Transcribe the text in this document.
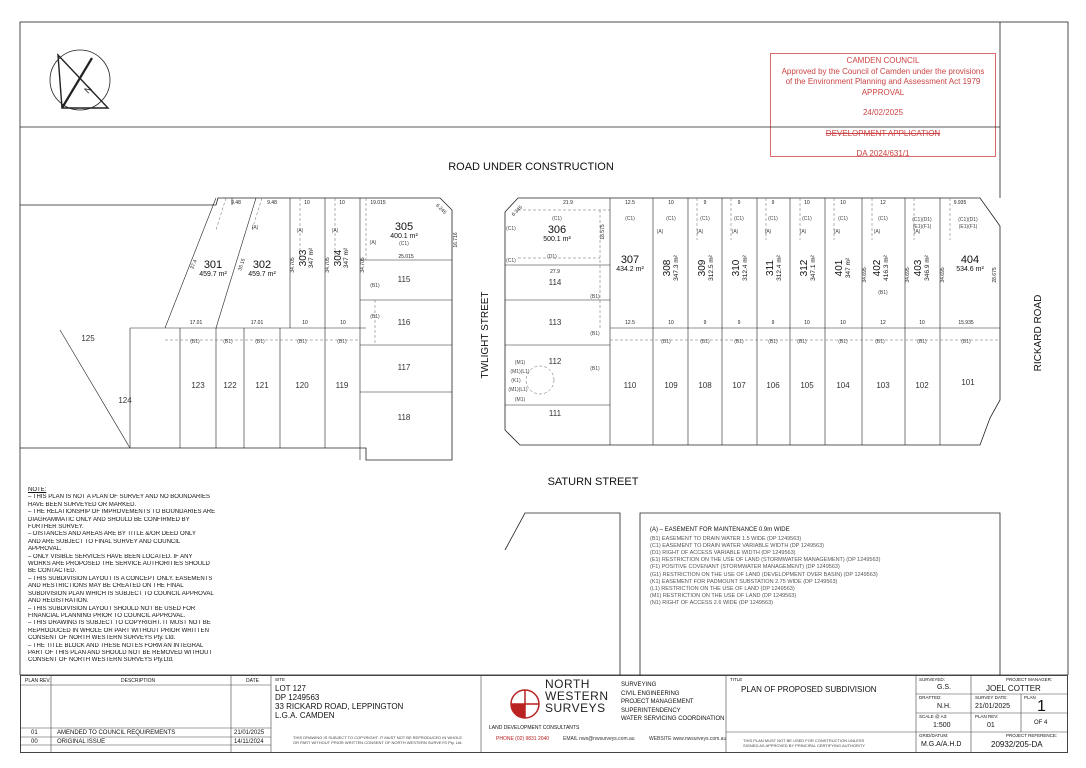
CAMDEN COUNCIL
Approved by the Council of Camden under the provisions
of the Environment Planning and Assessment Act 1979
APPROVAL
24/02/2025
DEVELOPMENT APPLICATION
DA 2024/631/1
N
ROAD UNDER CONSTRUCTION
TWLIGHT STREET	RICKARD ROAD
SATURN STREET
301
459.7 m²
302
459.7 m²
303 347 m² 304 347 m²
305
400.1 m²
306
500.1 m²
307
434.2 m² 308 347.3 m² 309 312.5 m² 310 312.4 m² 311 312.4 m² 312 347.1 m² 401 347 m² 402 416.3 m² 403 346.9 m²	404
534.6 m²
125
124
123 122 121	120	119
118
117
116
115	114
113
112
111
110	109	108	107	106	105	104	103	102	101
9.48	9.48	10	10	19.015	6.245
17.01	17.01	10	10
25.015
21.9	12.5	10	9	9	9	10	10	12	9.935
6.345
27.9
12.5	10	9	9	9	10	10	12	10	15.935
37.4	35.15	34.705	34.705	34.705
18.575
28.675
34.695	34.695	34.695
16.716
(A)	(A)	(A)
(A)	(C1)
(C1)	(C1)	(C1)	(C1)	(C1)	(C1)	(C1)	(C1)	(C1)	(C1)(D1)
(E1)(F1)
(C1)(D1)
(E1)(F1)
(A)	(A)	(A)	(A)	(A)	(A)	(A)	(A)
(D1)
(C1)
(C1)
(B1)
(B1)
(B1)
(B1)
(B1)
(B1)
(B1)	(B1)	(B1)	(B1)	(B1)	(B1)	(B1)	(B1)	(B1)	(B1)	(B1)	(B1)	(B1)	(B1)
(M1)
(M1)(L1)
(K1)
(M1)(L1)
(M1)
NOTE:
– THIS PLAN IS NOT A PLAN OF SURVEY AND NO BOUNDARIES
HAVE BEEN SURVEYED OR MARKED.
– THE RELATIONSHIP OF IMPROVEMENTS TO BOUNDARIES ARE
DIAGRAMMATIC ONLY AND SHOULD BE CONFIRMED BY
FURTHER SURVEY.
– DISTANCES AND AREAS ARE BY TITLE &/OR DEED ONLY
AND ARE SUBJECT TO FINAL SURVEY AND COUNCIL
APPROVAL.
– ONLY VISIBLE SERVICES HAVE BEEN LOCATED. IF ANY
WORKS ARE PROPOSED THE SERVICE AUTHORITIES SHOULD
BE CONTACTED.
– THIS SUBDIVISION LAYOUT IS A CONCEPT ONLY. EASEMENTS
AND RESTRICTIONS MAY BE CREATED ON THE FINAL
SUBDIVISION PLAN WHICH IS SUBJECT TO COUNCIL APPROVAL
AND REGISTRATION.
– THIS SUBDIVISION LAYOUT SHOULD NOT BE USED FOR
FINANCIAL PLANNING PRIOR TO COUNCIL APPROVAL.
– THIS DRAWING IS SUBJECT TO COPYRIGHT. IT MUST NOT BE
REPRODUCED IN WHOLE OR PART WITHOUT PRIOR WRITTEN
CONSENT OF NORTH WESTERN SURVEYS Pty. Ltd.
– THE TITLE BLOCK AND THESE NOTES FORM AN INTEGRAL
PART OF THIS PLAN AND SHOULD NOT BE REMOVED WITHOUT
CONSENT OF NORTH WESTERN SURVEYS Pty.Ltd.
(A) – EASEMENT FOR MAINTENANCE 0.9m WIDE
(B1) EASEMENT TO DRAIN WATER 1.5 WIDE (DP 1249563)
(C1) EASEMENT TO DRAIN WATER VARIABLE WIDTH (DP 1249563)
(D1) RIGHT OF ACCESS VARIABLE WIDTH (DP 1249563)
(E1) RESTRICTION ON THE USE OF LAND (STORMWATER MANAGEMENT) (DP 1249563)
(F1) POSITIVE COVENANT (STORMWATER MANAGEMENT) (DP 1249563)
(G1) RESTRICTION ON THE USE OF LAND (DEVELOPMENT OVER BASIN) (DP 1249563)
(K1) EASEMENT FOR PADMOUNT SUBSTATION 2.75 WIDE (DP 1249563)
(L1) RESTRICTION ON THE USE OF LAND (DP 1249563)
(M1) RESTRICTION ON THE USE OF LAND (DP 1249563)
(N1) RIGHT OF ACCESS 2.6 WIDE (DP 1249563)
PLAN REV.	DESCRIPTION	DATE
01	AMENDED TO COUNCIL REQUIREMENTS	21/01/2025
00	ORIGINAL ISSUE	14/11/2024
SITE
LOT 127
DP 1249563
33 RICKARD ROAD, LEPPINGTON
L.G.A. CAMDEN
THIS DRAWING IS SUBJECT TO COPYRIGHT. IT MUST NOT BE REPRODUCED IN WHOLE
OR PART WITHOUT PRIOR WRITTEN CONSENT OF NORTH WESTERN SURVEYS Pty. Ltd.
NORTH
WESTERN
SURVEYS
LAND DEVELOPMENT CONSULTANTS
SURVEYING
CIVIL ENGINEERING
PROJECT MANAGEMENT
SUPERINTENDENCY
WATER SERVICING COORDINATION
PHONE (02) 9831 2040	EMAIL nws@nwsurveys.com.au	WEBSITE www.nwsurveys.com.au
TITLE
PLAN OF PROPOSED SUBDIVISION
THIS PLAN MUST NOT BE USED FOR CONSTRUCTION UNLESS
SIGNED AS APPROVED BY PRINCIPAL CERTIFYING AUTHORITY
SURVEYED:
G.S.
DRAFTED:
N.H.
SCALE @ A3:
1:500
GRID/DATUM:
M.G.A/A.H.D
PROJECT MANAGER:
JOEL COTTER
SURVEY DATE:
21/01/2025
PLAN REV:
01
PLAN
1
OF 4
PROJECT REFERENCE:
20932/205-DA
